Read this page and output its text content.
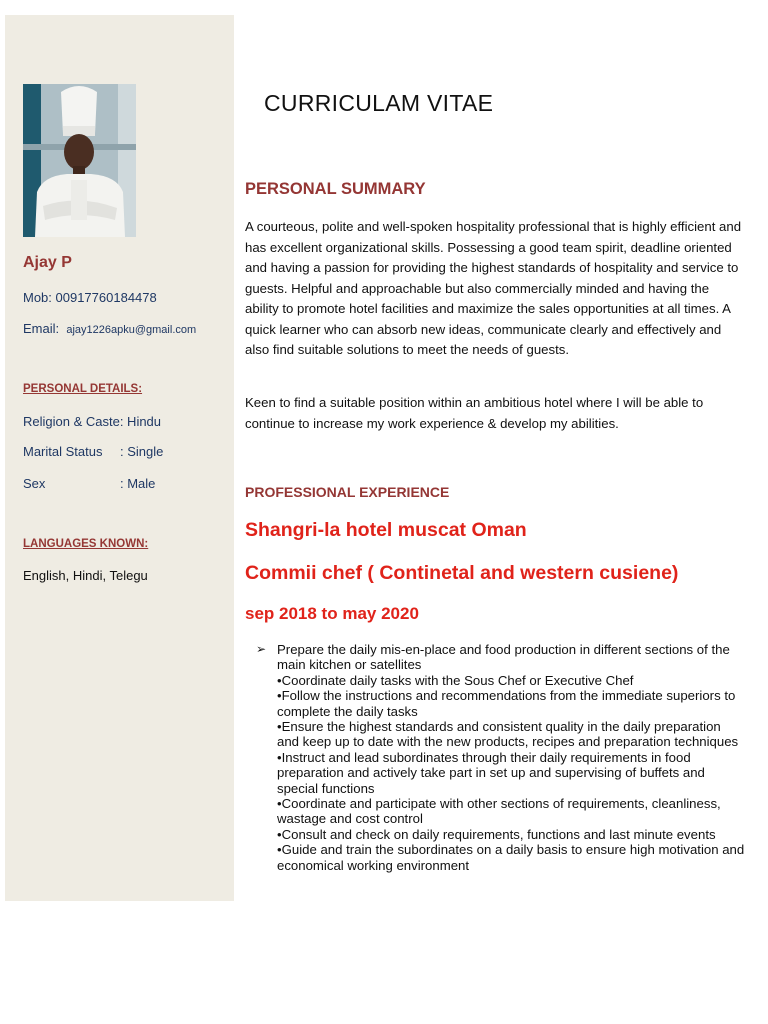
Ajay P
Mob: 00917760184478
Email: ajay1226apku@gmail.com
PERSONAL DETAILS:
Religion & Caste: Hindu
Marital Status : Single
Sex	: Male
LANGUAGES KNOWN:
English, Hindi, Telegu
CURRICULAM VITAE
PERSONAL SUMMARY
A courteous, polite and well-spoken hospitality professional that is highly efficient and has excellent organizational skills. Possessing a good team spirit, deadline oriented and having a passion for providing the highest standards of hospitality and service to guests. Helpful and approachable but also commercially minded and having the ability to promote hotel facilities and maximize the sales opportunities at all times. A quick learner who can absorb new ideas, communicate clearly and effectively and also find suitable solutions to meet the needs of guests.
Keen to find a suitable position within an ambitious hotel where I will be able to continue to increase my work experience & develop my abilities.
PROFESSIONAL EXPERIENCE
Shangri-la hotel muscat Oman
Commii chef ( Continetal and western cusiene)
sep 2018 to may 2020
➢ Prepare the daily mis-en-place and food production in different sections of the main kitchen or satellites
•Coordinate daily tasks with the Sous Chef or Executive Chef
•Follow the instructions and recommendations from the immediate superiors to complete the daily tasks
•Ensure the highest standards and consistent quality in the daily preparation and keep up to date with the new products, recipes and preparation techniques
•Instruct and lead subordinates through their daily requirements in food preparation and actively take part in set up and supervising of buffets and special functions
•Coordinate and participate with other sections of requirements, cleanliness, wastage and cost control
•Consult and check on daily requirements, functions and last minute events
•Guide and train the subordinates on a daily basis to ensure high motivation and economical working environment
